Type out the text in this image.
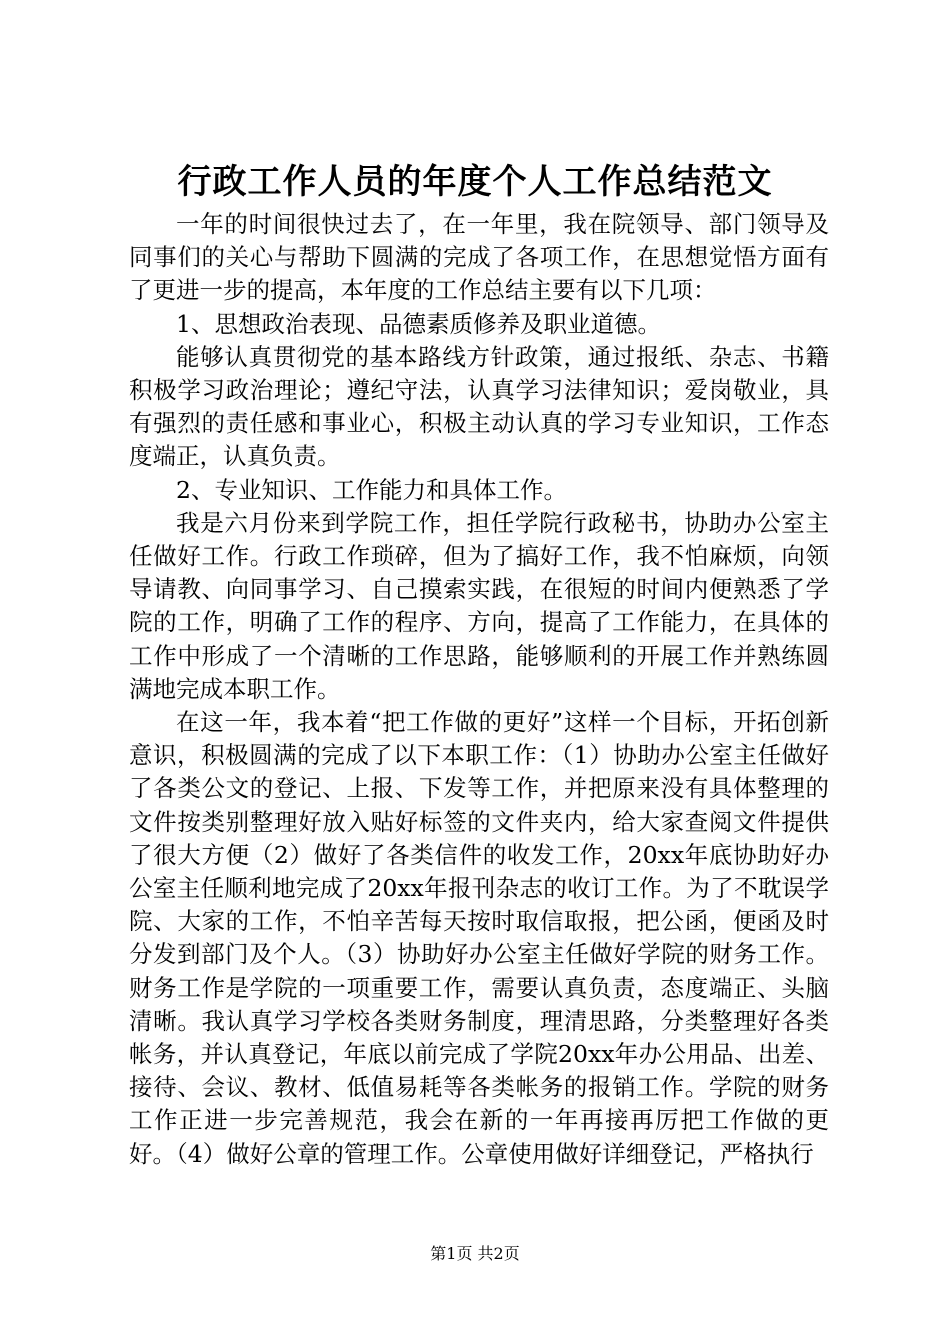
行政工作人员的年度个人工作总结范文

一年的时间很快过去了，在一年里，我在院领导、部门领导及同事们的关心与帮助下圆满的完成了各项工作，在思想觉悟方面有了更进一步的提高，本年度的工作总结主要有以下几项：

1、思想政治表现、品德素质修养及职业道德。

能够认真贯彻党的基本路线方针政策，通过报纸、杂志、书籍积极学习政治理论；遵纪守法，认真学习法律知识；爱岗敬业，具有强烈的责任感和事业心，积极主动认真的学习专业知识，工作态度端正，认真负责。

2、专业知识、工作能力和具体工作。

我是六月份来到学院工作，担任学院行政秘书，协助办公室主任做好工作。行政工作琐碎，但为了搞好工作，我不怕麻烦，向领导请教、向同事学习、自己摸索实践，在很短的时间内便熟悉了学院的工作，明确了工作的程序、方向，提高了工作能力，在具体的工作中形成了一个清晰的工作思路，能够顺利的开展工作并熟练圆满地完成本职工作。

在这一年，我本着“把工作做的更好”这样一个目标，开拓创新意识，积极圆满的完成了以下本职工作：（1）协助办公室主任做好了各类公文的登记、上报、下发等工作，并把原来没有具体整理的文件按类别整理好放入贴好标签的文件夹内，给大家查阅文件提供了很大方便（2）做好了各类信件的收发工作，20xx年底协助好办公室主任顺利地完成了20xx年报刊杂志的收订工作。为了不耽误学院、大家的工作，不怕辛苦每天按时取信取报，把公函，便函及时分发到部门及个人。（3）协助好办公室主任做好学院的财务工作。财务工作是学院的一项重要工作，需要认真负责，态度端正、头脑清晰。我认真学习学校各类财务制度，理清思路，分类整理好各类帐务，并认真登记，年底以前完成了学院20xx年办公用品、出差、接待、会议、教材、低值易耗等各类帐务的报销工作。学院的财务工作正进一步完善规范，我会在新的一年再接再厉把工作做的更好。（4）做好公章的管理工作。公章使用做好详细登记，严格执行

第1页 共2页
